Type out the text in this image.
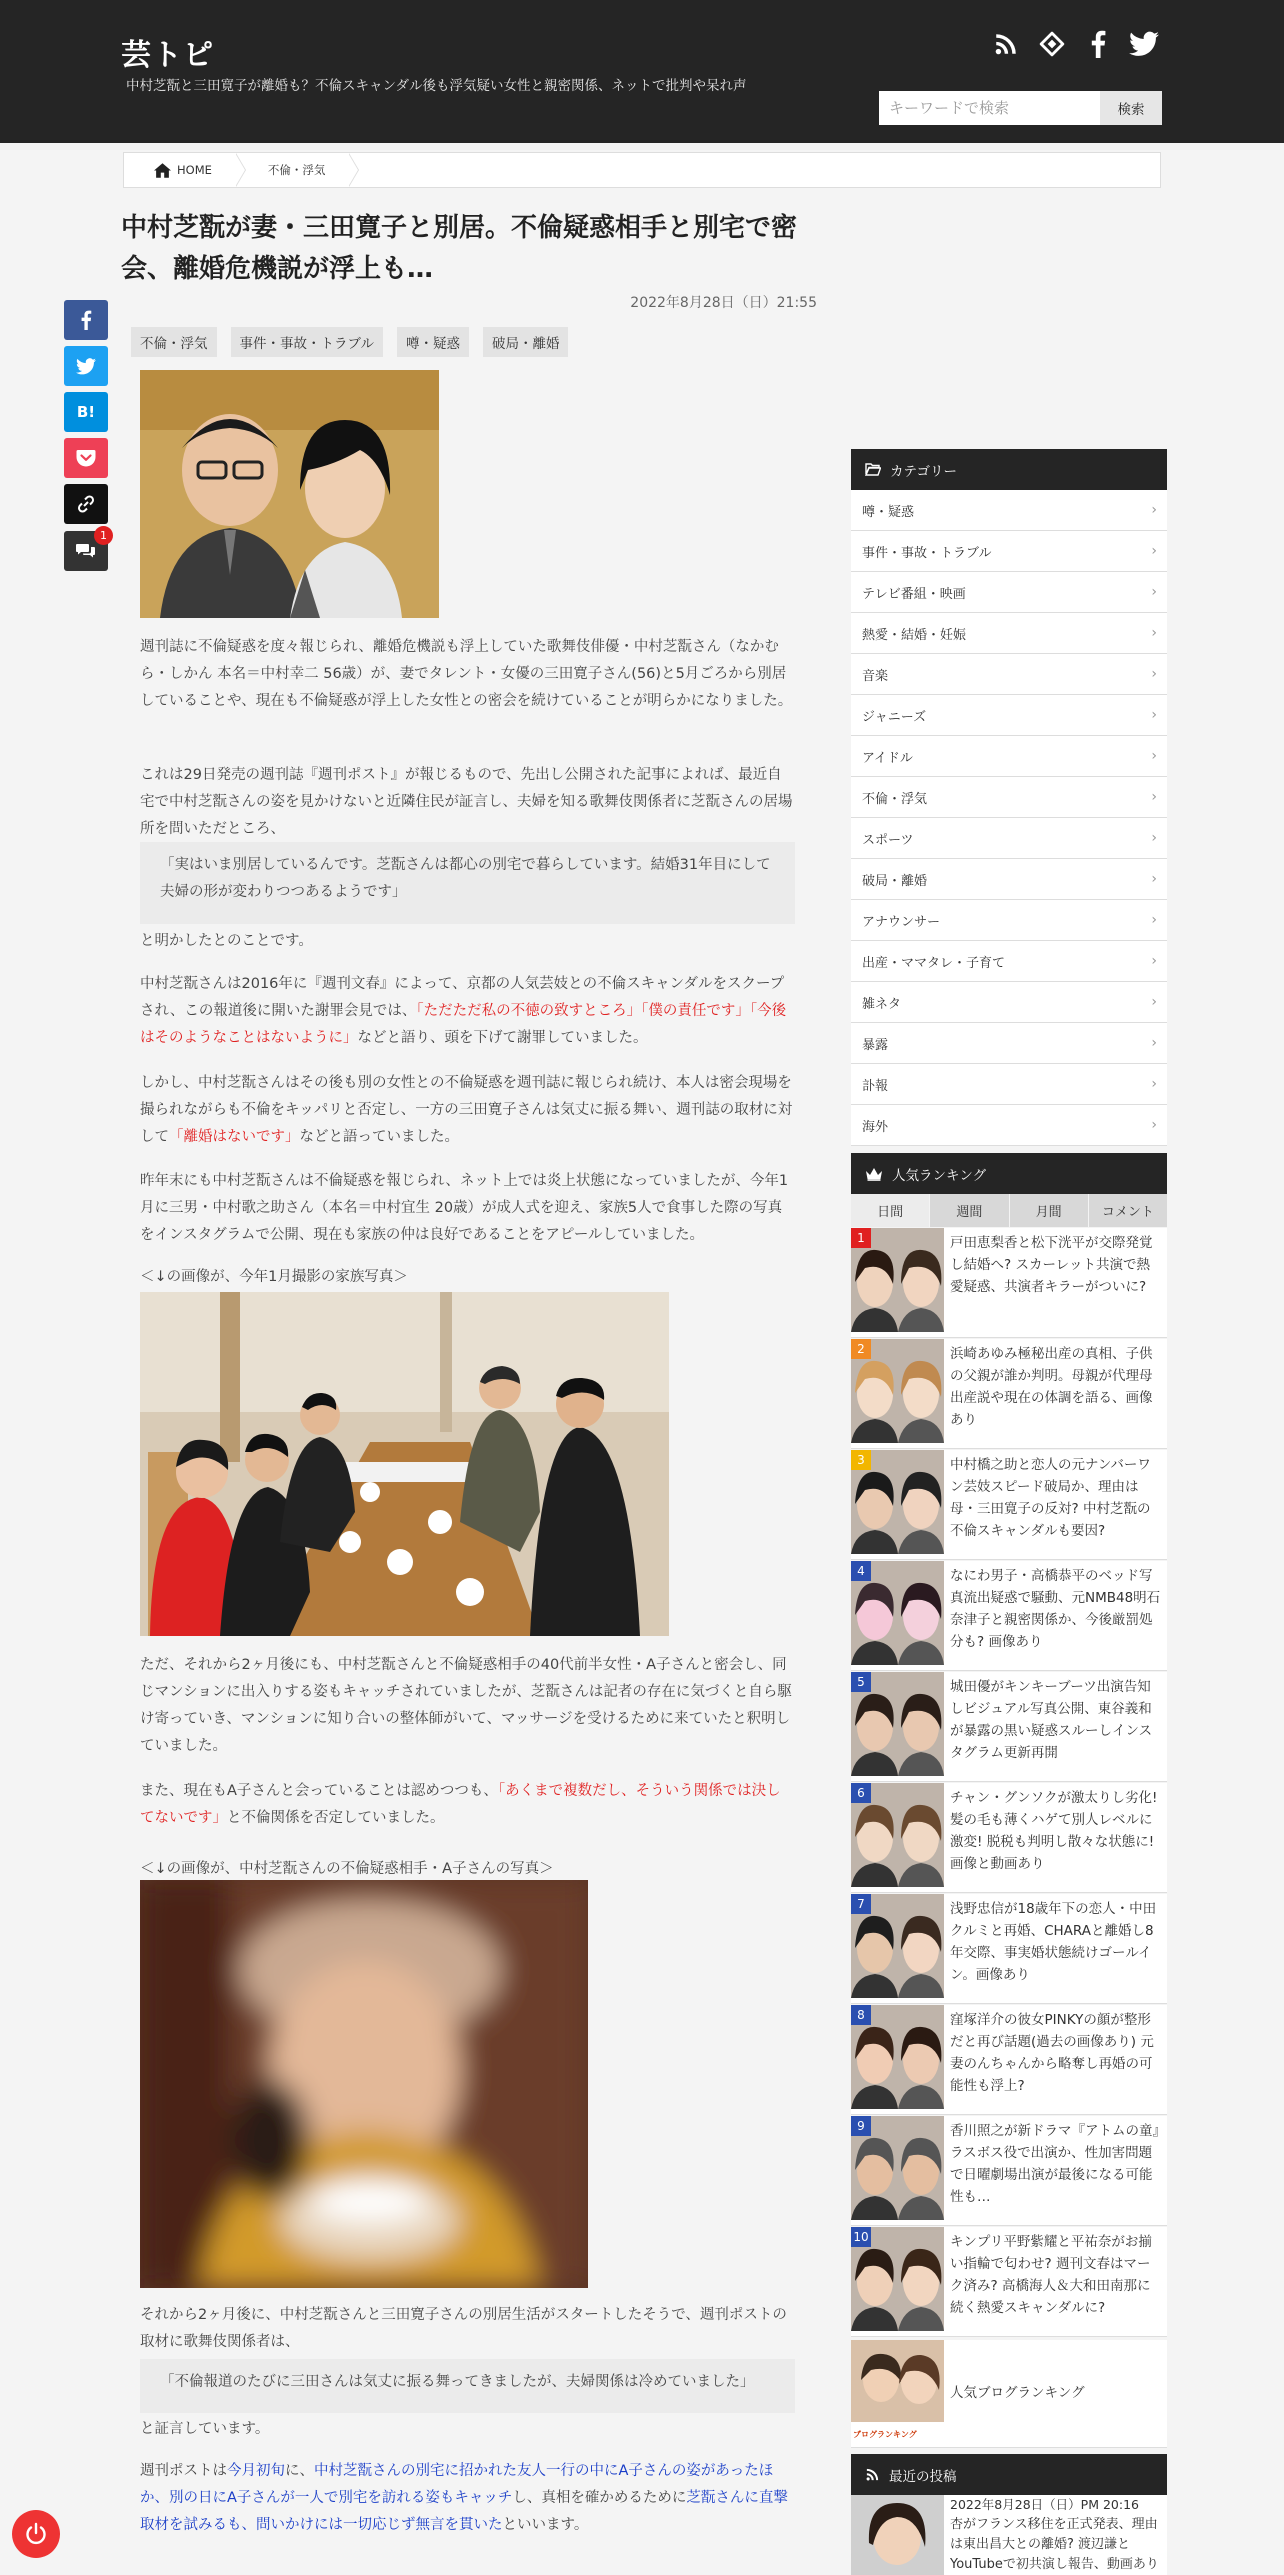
芸トピ
中村芝翫と三田寛子が離婚も？不倫スキャンダル後も浮気疑い女性と親密関係、ネットで批判や呆れ声
キーワードで検索
検索
HOME	不倫・浮気
B!
1
中村芝翫が妻・三田寛子と別居。不倫疑惑相手と別宅で密会、離婚危機説が浮上も…
2022年8月28日（日）21:55
不倫・浮気	事件・事故・トラブル	噂・疑惑	破局・離婚

週刊誌に不倫疑惑を度々報じられ、離婚危機説も浮上していた歌舞伎俳優・中村芝翫さん（なかむら・しかん 本名＝中村幸二 56歳）が、妻でタレント・女優の三田寛子さん(56)と5月ごろから別居していることや、現在も不倫疑惑が浮上した女性との密会を続けていることが明らかになりました。

これは29日発売の週刊誌『週刊ポスト』が報じるもので、先出し公開された記事によれば、最近自宅で中村芝翫さんの姿を見かけないと近隣住民が証言し、夫婦を知る歌舞伎関係者に芝翫さんの居場所を問いただところ、

「実はいま別居しているんです。芝翫さんは都心の別宅で暮らしています。結婚31年目にして夫婦の形が変わりつつあるようです」

と明かしたとのことです。

中村芝翫さんは2016年に『週刊文春』によって、京都の人気芸妓との不倫スキャンダルをスクープされ、この報道後に開いた謝罪会見では、「ただただ私の不徳の致すところ」「僕の責任です」「今後はそのようなことはないように」などと語り、頭を下げて謝罪していました。

しかし、中村芝翫さんはその後も別の女性との不倫疑惑を週刊誌に報じられ続け、本人は密会現場を撮られながらも不倫をキッパリと否定し、一方の三田寛子さんは気丈に振る舞い、週刊誌の取材に対して「離婚はないです」などと語っていました。

昨年末にも中村芝翫さんは不倫疑惑を報じられ、ネット上では炎上状態になっていましたが、今年1月に三男・中村歌之助さん（本名＝中村宜生 20歳）が成人式を迎え、家族5人で食事した際の写真をインスタグラムで公開、現在も家族の仲は良好であることをアピールしていました。

＜↓の画像が、今年1月撮影の家族写真＞

ただ、それから2ヶ月後にも、中村芝翫さんと不倫疑惑相手の40代前半女性・A子さんと密会し、同じマンションに出入りする姿もキャッチされていましたが、芝翫さんは記者の存在に気づくと自ら駆け寄っていき、マンションに知り合いの整体師がいて、マッサージを受けるために来ていたと釈明していました。

また、現在もA子さんと会っていることは認めつつも、「あくまで複数だし、そういう関係では決してないです」と不倫関係を否定していました。

＜↓の画像が、中村芝翫さんの不倫疑惑相手・A子さんの写真＞

それから2ヶ月後に、中村芝翫さんと三田寛子さんの別居生活がスタートしたそうで、週刊ポストの取材に歌舞伎関係者は、

「不倫報道のたびに三田さんは気丈に振る舞ってきましたが、夫婦関係は冷めていました」

と証言しています。

週刊ポストは今月初旬に、中村芝翫さんの別宅に招かれた友人一行の中にA子さんの姿があったほか、別の日にA子さんが一人で別宅を訪れる姿もキャッチし、真相を確かめるために芝翫さんに直撃取材を試みるも、問いかけには一切応じず無言を貫いたといいます。

カテゴリー
噂・疑惑	›
事件・事故・トラブル	›
テレビ番組・映画	›
熱愛・結婚・妊娠	›
音楽	›
ジャニーズ	›
アイドル	›
不倫・浮気	›
スポーツ	›
破局・離婚	›
アナウンサー	›
出産・ママタレ・子育て	›
雑ネタ	›
暴露	›
訃報	›
海外	›
人気ランキング
日間	週間	月間	コメント
1	戸田恵梨香と松下洸平が交際発覚し結婚へ? スカーレット共演で熱愛疑惑、共演者キラーがついに?
2	浜崎あゆみ極秘出産の真相、子供の父親が誰か判明。母親が代理母出産説や現在の体調を語る、画像あり
3	中村橋之助と恋人の元ナンバーワン芸妓スピード破局か、理由は母・三田寛子の反対? 中村芝翫の不倫スキャンダルも要因?
4	なにわ男子・高橋恭平のベッド写真流出疑惑で騒動、元NMB48明石奈津子と親密関係か、今後厳罰処分も? 画像あり
5	城田優がキンキーブーツ出演告知しビジュアル写真公開、東谷義和が暴露の黒い疑惑スルーしインスタグラム更新再開
6	チャン・グンソクが激太りし劣化! 髪の毛も薄くハゲて別人レベルに激変! 脱税も判明し散々な状態に! 画像と動画あり
7	浅野忠信が18歳年下の恋人・中田クルミと再婚、CHARAと離婚し8年交際、事実婚状態続けゴールイン。画像あり
8	窪塚洋介の彼女PINKYの顔が整形だと再び話題(過去の画像あり) 元妻のんちゃんから略奪し再婚の可能性も浮上?
9	香川照之が新ドラマ『アトムの童』ラスボス役で出演か、性加害問題で日曜劇場出演が最後になる可能性も…
10	キンプリ平野紫耀と平祐奈がお揃い指輪で匂わせ? 週刊文春はマーク済み? 高橋海人＆大和田南那に続く熱愛スキャンダルに?
ブログランキング
人気ブログランキング
最近の投稿
2022年8月28日（日）PM 20:16
杏がフランス移住を正式発表、理由は東出昌大との離婚? 渡辺謙とYouTubeで初共演し報告、動画あり
